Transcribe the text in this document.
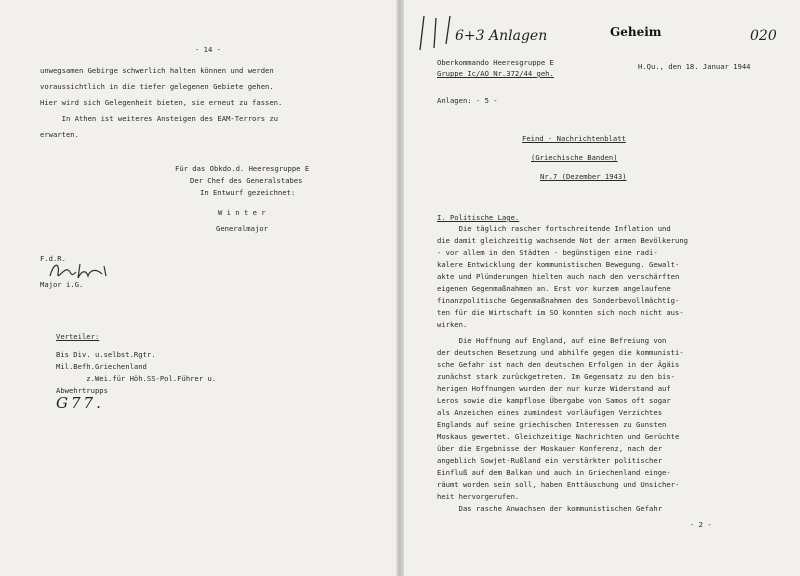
- 14 -

unwegsamen Gebirge schwerlich halten können und werden

voraussichtlich in die tiefer gelegenen Gebiete gehen.

Hier wird sich Gelegenheit bieten, sie erneut zu fassen.

In Athen ist weiteres Ansteigen des EAM-Terrors zu

erwarten.

Für das Obkdo.d. Heeresgruppe E

Der Chef des Generalstabes

In Entwurf gezeichnet:

W i n t e r

Generalmajor

F.d.R.

Major i.G.

Verteiler:

Bis Div. u.selbst.Rgtr.

Mil.Befh.Griechenland

z.Wei.für Höh.SS-Pol.Führer u.

Abwehrtrupps

G77.

6+3 Anlagen	Geheim	020

Oberkommando Heeresgruppe E

Gruppe Ic/AO Nr.372/44 geh.

H.Qu., den 18. Januar 1944

Anlagen: - 5 -

Feind - Nachrichtenblatt

(Griechische Banden)

Nr.7 (Dezember 1943)

I. Politische Lage.

Die täglich rascher fortschreitende Inflation und

die damit gleichzeitig wachsende Not der armen Bevölkerung

- vor allem in den Städten - begünstigen eine radi-

kalere Entwicklung der kommunistischen Bewegung. Gewalt-

akte und Plünderungen hielten auch nach den verschärften

eigenen Gegenmaßnahmen an. Erst vor kurzem angelaufene

finanzpolitische Gegenmaßnahmen des Sonderbevollmächtig-

ten für die Wirtschaft im SO konnten sich noch nicht aus-

wirken.

Die Hoffnung auf England, auf eine Befreiung von

der deutschen Besetzung und abhilfe gegen die kommunisti-

sche Gefahr ist nach den deutschen Erfolgen in der Ägäis

zunächst stark zurückgetreten. Im Gegensatz zu den bis-

herigen Hoffnungen wurden der nur kurze Widerstand auf

Leros sowie die kampflose Übergabe von Samos oft sogar

als Anzeichen eines zumindest vorläufigen Verzichtes

Englands auf seine griechischen Interessen zu Gunsten

Moskaus gewertet. Gleichzeitige Nachrichten und Gerüchte

über die Ergebnisse der Moskauer Konferenz, nach der

angeblich Sowjet-Rußland ein verstärkter politischer

Einfluß auf dem Balkan und auch in Griechenland einge-

räumt worden sein soll, haben Enttäuschung und Unsicher-

heit hervorgerufen.

Das rasche Anwachsen der kommunistischen Gefahr

- 2 -
